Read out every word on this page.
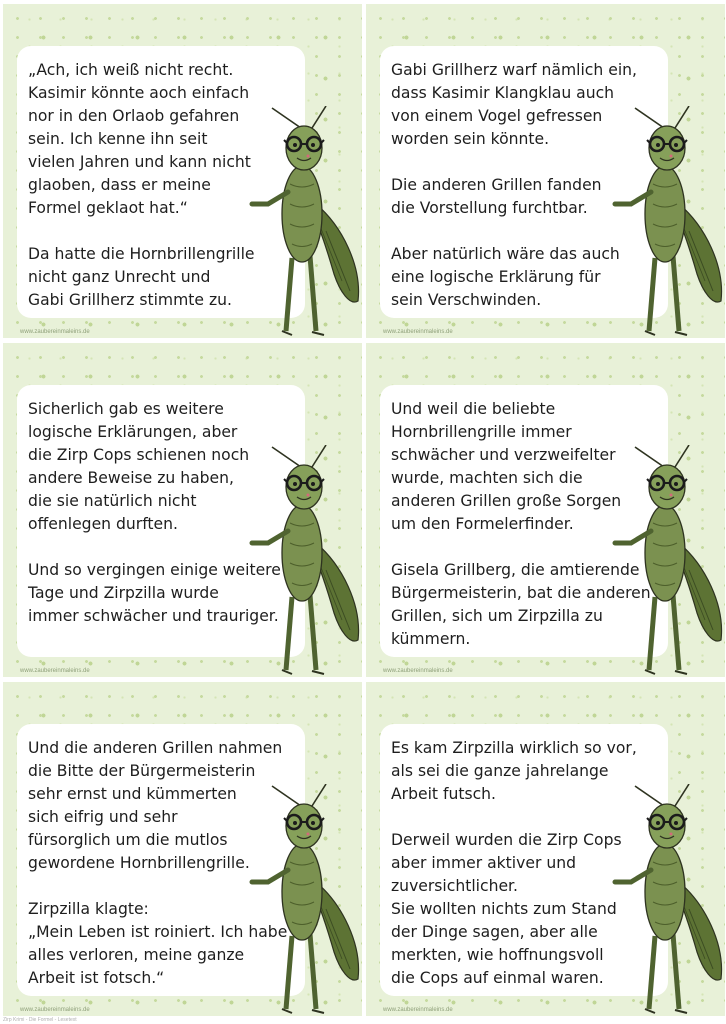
„Ach, ich weiß nicht recht.
Kasimir könnte aoch einfach
nor in den Orlaob gefahren
sein. Ich kenne ihn seit
vielen Jahren und kann nicht
glaoben, dass er meine
Formel geklaot hat.“

Da hatte die Hornbrillengrille
nicht ganz Unrecht und
Gabi Grillherz stimmte zu.
www.zaubereinmaleins.de
Gabi Grillherz warf nämlich ein,
dass Kasimir Klangklau auch
von einem Vogel gefressen
worden sein könnte.

Die anderen Grillen fanden
die Vorstellung furchtbar.

Aber natürlich wäre das auch
eine logische Erklärung für
sein Verschwinden.
www.zaubereinmaleins.de
Sicherlich gab es weitere
logische Erklärungen, aber
die Zirp Cops schienen noch
andere Beweise zu haben,
die sie natürlich nicht
offenlegen durften.

Und so vergingen einige weitere
Tage und Zirpzilla wurde
immer schwächer und trauriger.
www.zaubereinmaleins.de
Und weil die beliebte
Hornbrillengrille immer
schwächer und verzweifelter
wurde, machten sich die
anderen Grillen große Sorgen
um den Formelerfinder.

Gisela Grillberg, die amtierende
Bürgermeisterin, bat die anderen
Grillen, sich um Zirpzilla zu
kümmern.
www.zaubereinmaleins.de
Und die anderen Grillen nahmen
die Bitte der Bürgermeisterin
sehr ernst und kümmerten
sich eifrig und sehr
fürsorglich um die mutlos
gewordene Hornbrillengrille.

Zirpzilla klagte:
„Mein Leben ist roiniert. Ich habe
alles verloren, meine ganze
Arbeit ist fotsch.“
www.zaubereinmaleins.de
Es kam Zirpzilla wirklich so vor,
als sei die ganze jahrelange
Arbeit futsch.

Derweil wurden die Zirp Cops
aber immer aktiver und
zuversichtlicher.
Sie wollten nichts zum Stand
der Dinge sagen, aber alle
merkten, wie hoffnungsvoll
die Cops auf einmal waren.
www.zaubereinmaleins.de
Zirp Krimi - Die Formel - Lesetext
